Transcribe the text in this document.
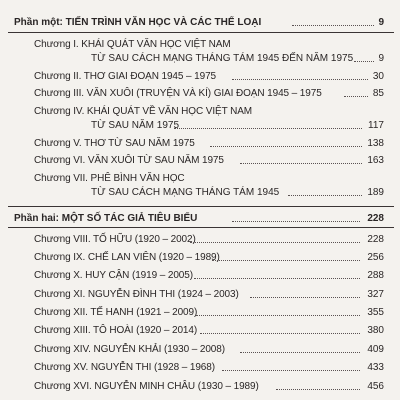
Phần một: TIẾN TRÌNH VĂN HỌC VÀ CÁC THỂ LOẠI	9
Chương I. KHÁI QUÁT VĂN HỌC VIỆT NAM
TỪ SAU CÁCH MẠNG THÁNG TÁM 1945 ĐẾN NĂM 1975	9
Chương II. THƠ GIAI ĐOẠN 1945 – 1975	30
Chương III. VĂN XUÔI (TRUYỆN VÀ KÍ) GIAI ĐOẠN 1945 – 1975	85
Chương IV. KHÁI QUÁT VỀ VĂN HỌC VIỆT NAM
TỪ SAU NĂM 1975	117
Chương V. THƠ TỪ SAU NĂM 1975	138
Chương VI. VĂN XUÔI TỪ SAU NĂM 1975	163
Chương VII. PHÊ BÌNH VĂN HỌC
TỪ SAU CÁCH MẠNG THÁNG TÁM 1945	189
Phần hai: MỘT SỐ TÁC GIẢ TIÊU BIỂU	228
Chương VIII. TỐ HỮU (1920 – 2002)	228
Chương IX. CHẾ LAN VIÊN (1920 – 1989)	256
Chương X. HUY CẬN (1919 – 2005)	288
Chương XI. NGUYỄN ĐÌNH THI (1924 – 2003)	327
Chương XII. TẾ HANH (1921 – 2009)	355
Chương XIII. TÔ HOÀI (1920 – 2014)	380
Chương XIV. NGUYỄN KHẢI (1930 – 2008)	409
Chương XV. NGUYỄN THI (1928 – 1968)	433
Chương XVI. NGUYỄN MINH CHÂU (1930 – 1989)	456
